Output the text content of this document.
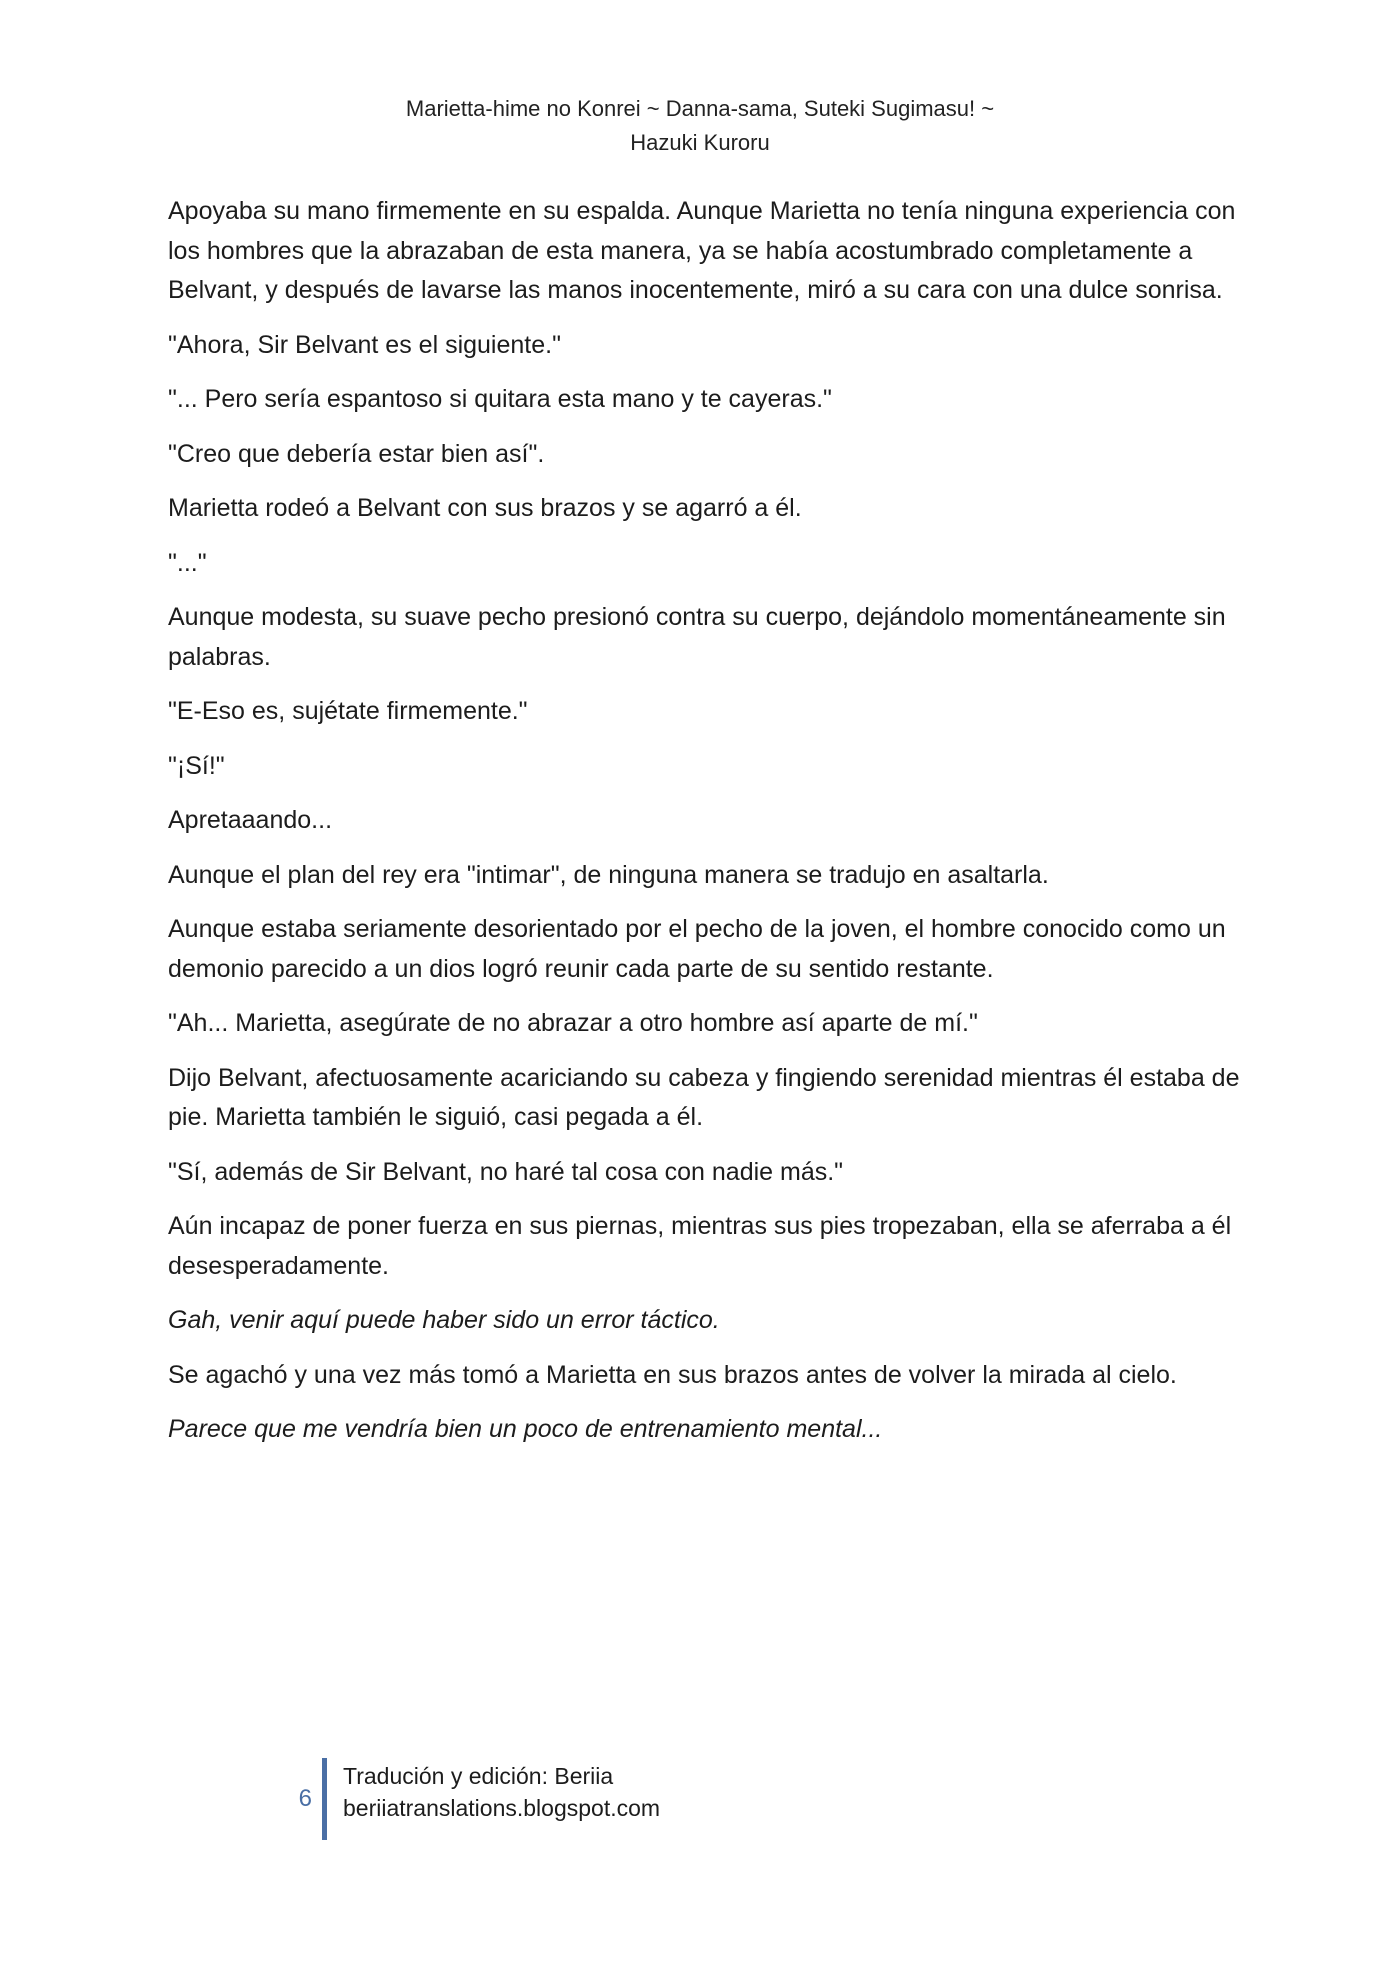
Marietta-hime no Konrei ~ Danna-sama, Suteki Sugimasu! ~
Hazuki Kuroru

Apoyaba su mano firmemente en su espalda. Aunque Marietta no tenía ninguna experiencia con los hombres que la abrazaban de esta manera, ya se había acostumbrado completamente a Belvant, y después de lavarse las manos inocentemente, miró a su cara con una dulce sonrisa.

"Ahora, Sir Belvant es el siguiente."

"... Pero sería espantoso si quitara esta mano y te cayeras."

"Creo que debería estar bien así".

Marietta rodeó a Belvant con sus brazos y se agarró a él.

"..."

Aunque modesta, su suave pecho presionó contra su cuerpo, dejándolo momentáneamente sin palabras.

"E-Eso es, sujétate firmemente."

"¡Sí!"

Apretaaando...

Aunque el plan del rey era "intimar", de ninguna manera se tradujo en asaltarla.

Aunque estaba seriamente desorientado por el pecho de la joven, el hombre conocido como un demonio parecido a un dios logró reunir cada parte de su sentido restante.

"Ah... Marietta, asegúrate de no abrazar a otro hombre así aparte de mí."

Dijo Belvant, afectuosamente acariciando su cabeza y fingiendo serenidad mientras él estaba de pie. Marietta también le siguió, casi pegada a él.

"Sí, además de Sir Belvant, no haré tal cosa con nadie más."

Aún incapaz de poner fuerza en sus piernas, mientras sus pies tropezaban, ella se aferraba a él desesperadamente.

Gah, venir aquí puede haber sido un error táctico.

Se agachó y una vez más tomó a Marietta en sus brazos antes de volver la mirada al cielo.

Parece que me vendría bien un poco de entrenamiento mental...

6
Tradución y edición: Beriia
beriiatranslations.blogspot.com
